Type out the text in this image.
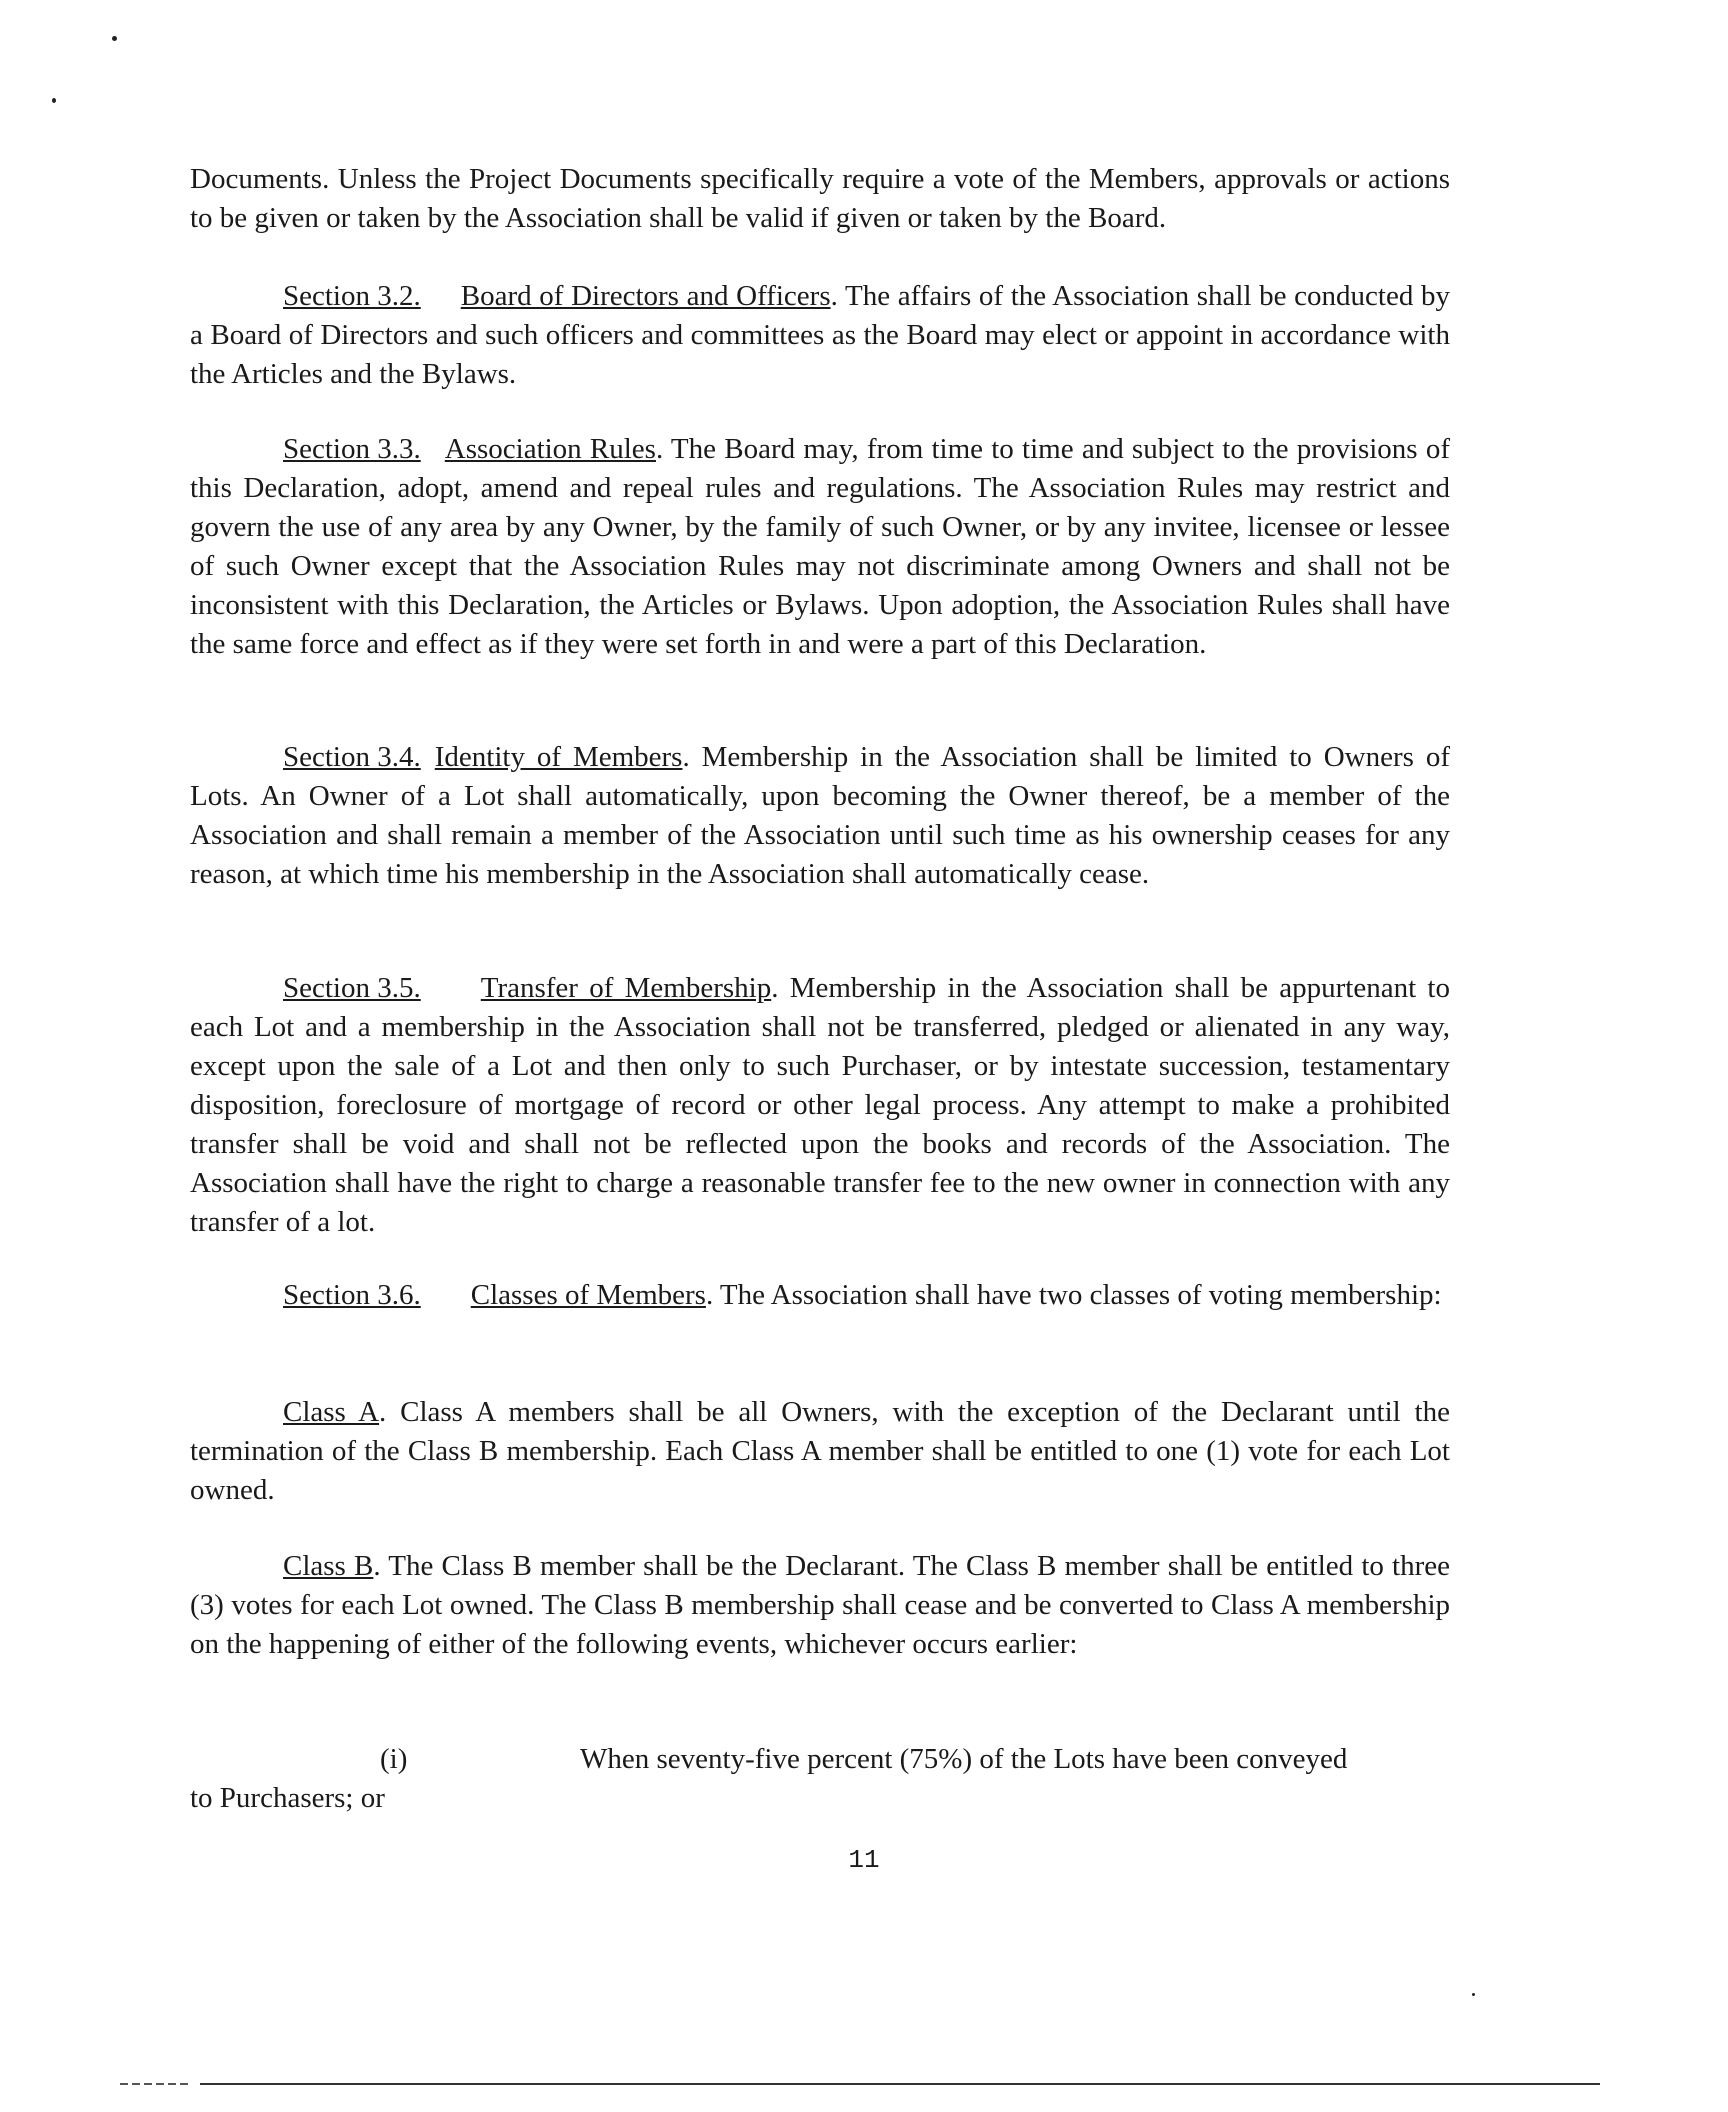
Documents. Unless the Project Documents specifically require a vote of the Members, approvals or actions to be given or taken by the Association shall be valid if given or taken by the Board.
Section 3.2. Board of Directors and Officers. The affairs of the Association shall be conducted by a Board of Directors and such officers and committees as the Board may elect or appoint in accordance with the Articles and the Bylaws.
Section 3.3. Association Rules. The Board may, from time to time and subject to the provisions of this Declaration, adopt, amend and repeal rules and regulations. The Association Rules may restrict and govern the use of any area by any Owner, by the family of such Owner, or by any invitee, licensee or lessee of such Owner except that the Association Rules may not discriminate among Owners and shall not be inconsistent with this Declaration, the Articles or Bylaws. Upon adoption, the Association Rules shall have the same force and effect as if they were set forth in and were a part of this Declaration.
Section 3.4. Identity of Members. Membership in the Association shall be limited to Owners of Lots. An Owner of a Lot shall automatically, upon becoming the Owner thereof, be a member of the Association and shall remain a member of the Association until such time as his ownership ceases for any reason, at which time his membership in the Association shall automatically cease.
Section 3.5. Transfer of Membership. Membership in the Association shall be appurtenant to each Lot and a membership in the Association shall not be transferred, pledged or alienated in any way, except upon the sale of a Lot and then only to such Purchaser, or by intestate succession, testamentary disposition, foreclosure of mortgage of record or other legal process. Any attempt to make a prohibited transfer shall be void and shall not be reflected upon the books and records of the Association. The Association shall have the right to charge a reasonable transfer fee to the new owner in connection with any transfer of a lot.
Section 3.6. Classes of Members. The Association shall have two classes of voting membership:
Class A. Class A members shall be all Owners, with the exception of the Declarant until the termination of the Class B membership. Each Class A member shall be entitled to one (1) vote for each Lot owned.
Class B. The Class B member shall be the Declarant. The Class B member shall be entitled to three (3) votes for each Lot owned. The Class B membership shall cease and be converted to Class A membership on the happening of either of the following events, whichever occurs earlier:
(i)	When seventy-five percent (75%) of the Lots have been conveyed
to Purchasers; or
11
